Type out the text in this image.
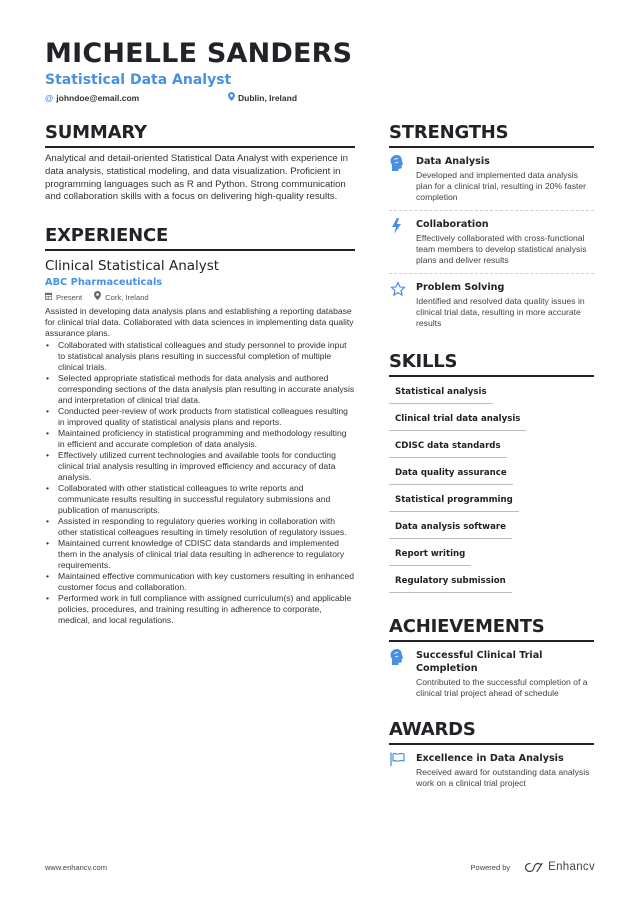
MICHELLE SANDERS
Statistical Data Analyst
@ johndoe@email.com	Dublin, Ireland
SUMMARY
Analytical and detail-oriented Statistical Data Analyst with experience in data analysis, statistical modeling, and data visualization. Proficient in programming languages such as R and Python. Strong communication and collaboration skills with a focus on delivering high-quality results.
EXPERIENCE
Clinical Statistical Analyst
ABC Pharmaceuticals
Present	Cork, Ireland
Assisted in developing data analysis plans and establishing a reporting database for clinical trial data. Collaborated with data sciences in implementing data quality assurance plans.
• Collaborated with statistical colleagues and study personnel to provide input to statistical analysis plans resulting in successful completion of multiple clinical trials.
• Selected appropriate statistical methods for data analysis and authored corresponding sections of the data analysis plan resulting in accurate analysis and interpretation of clinical trial data.
• Conducted peer-review of work products from statistical colleagues resulting in improved quality of statistical analysis plans and reports.
• Maintained proficiency in statistical programming and methodology resulting in efficient and accurate completion of data analysis.
• Effectively utilized current technologies and available tools for conducting clinical trial analysis resulting in improved efficiency and accuracy of data analysis.
• Collaborated with other statistical colleagues to write reports and communicate results resulting in successful regulatory submissions and publication of manuscripts.
• Assisted in responding to regulatory queries working in collaboration with other statistical colleagues resulting in timely resolution of regulatory issues.
• Maintained current knowledge of CDISC data standards and implemented them in the analysis of clinical trial data resulting in adherence to regulatory requirements.
• Maintained effective communication with key customers resulting in enhanced customer focus and collaboration.
• Performed work in full compliance with assigned curriculum(s) and applicable policies, procedures, and training resulting in adherence to corporate, medical, and local regulations.
STRENGTHS
Data Analysis
Developed and implemented data analysis plan for a clinical trial, resulting in 20% faster completion
Collaboration
Effectively collaborated with cross-functional team members to develop statistical analysis plans and deliver results
Problem Solving
Identified and resolved data quality issues in clinical trial data, resulting in more accurate results
SKILLS
Statistical analysis
Clinical trial data analysis
CDISC data standards
Data quality assurance
Statistical programming
Data analysis software
Report writing
Regulatory submission
ACHIEVEMENTS
Successful Clinical Trial Completion
Contributed to the successful completion of a clinical trial project ahead of schedule
AWARDS
Excellence in Data Analysis
Received award for outstanding data analysis work on a clinical trial project
www.enhancv.com	Powered by	Enhancv
